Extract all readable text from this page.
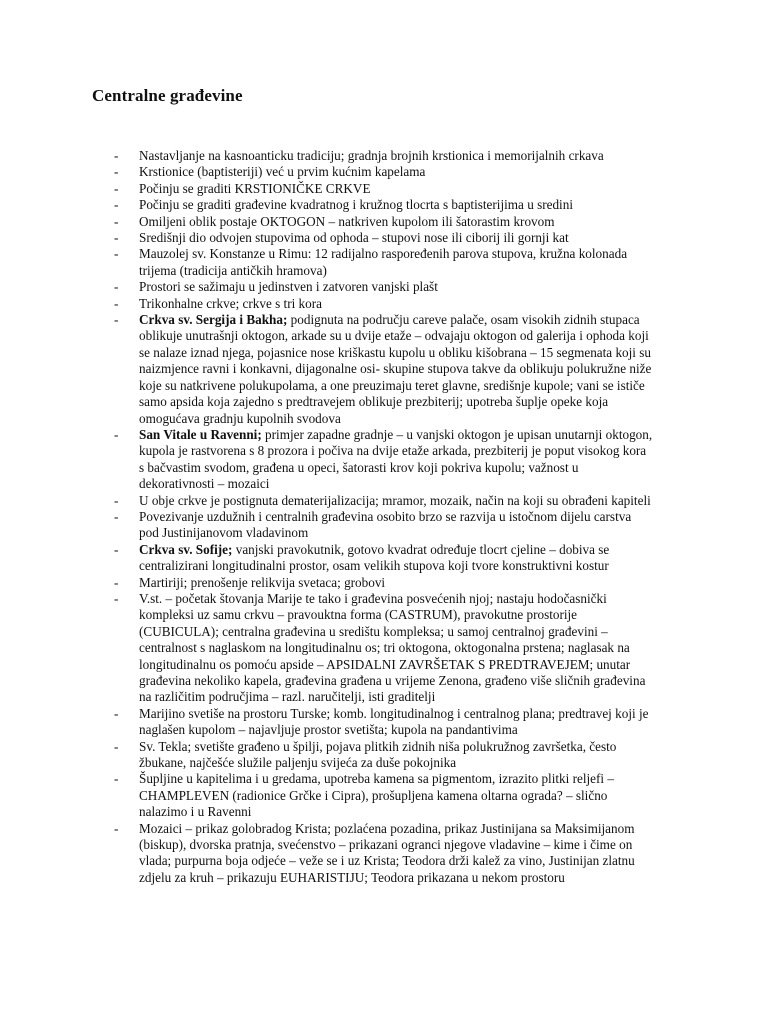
Centralne građevine
- Nastavljanje na kasnoanticku tradiciju; gradnja brojnih krstionica i memorijalnih crkava
- Krstionice (baptisteriji) već u prvim kućnim kapelama
- Počinju se graditi KRSTIONIČKE CRKVE
- Počinju se graditi građevine kvadratnog i kružnog tlocrta s baptisterijima u sredini
- Omiljeni oblik postaje OKTOGON – natkriven kupolom ili šatorastim krovom
- Središnji dio odvojen stupovima od ophoda – stupovi nose ili ciborij ili gornji kat
- Mauzolej sv. Konstanze u Rimu: 12 radijalno raspoređenih parova stupova, kružna kolonada trijema (tradicija antičkih hramova)
- Prostori se sažimaju u jedinstven i zatvoren vanjski plašt
- Trikonhalne crkve; crkve s tri kora
- Crkva sv. Sergija i Bakha; podignuta na području careve palače, osam visokih zidnih stupaca oblikuje unutrašnji oktogon, arkade su u dvije etaže – odvajaju oktogon od galerija i ophoda koji se nalaze iznad njega, pojasnice nose kriškastu kupolu u obliku kišobrana – 15 segmenata koji su naizmjence ravni i konkavni, dijagonalne osi- skupine stupova takve da oblikuju polukružne niže koje su natkrivene polukupolama, a one preuzimaju teret glavne, središnje kupole; vani se ističe samo apsida koja zajedno s predtravejem oblikuje prezbiterij; upotreba šuplje opeke koja omogućava gradnju kupolnih svodova
- San Vitale u Ravenni; primjer zapadne gradnje – u vanjski oktogon je upisan unutarnji oktogon, kupola je rastvorena s 8 prozora i počiva na dvije etaže arkada, prezbiterij je poput visokog kora s bačvastim svodom, građena u opeci, šatorasti krov koji pokriva kupolu; važnost u dekorativnosti – mozaici
- U obje crkve je postignuta dematerijalizacija; mramor, mozaik, način na koji su obrađeni kapiteli
- Povezivanje uzdužnih i centralnih građevina osobito brzo se razvija u istočnom dijelu carstva pod Justinijanovom vladavinom
- Crkva sv. Sofije; vanjski pravokutnik, gotovo kvadrat određuje tlocrt cjeline – dobiva se centralizirani longitudinalni prostor, osam velikih stupova koji tvore konstruktivni kostur
- Martiriji; prenošenje relikvija svetaca; grobovi
- V.st. – početak štovanja Marije te tako i građevina posvećenih njoj; nastaju hodočasnički kompleksi uz samu crkvu – pravouktna forma (CASTRUM), pravokutne prostorije (CUBICULA); centralna građevina u središtu kompleksa; u samoj centralnoj građevini – centralnost s naglaskom na longitudinalnu os; tri oktogona, oktogonalna prstena; naglasak na longitudinalnu os pomoću apside – APSIDALNI ZAVRŠETAK S PREDTRAVEJEM; unutar građevina nekoliko kapela, građevina građena u vrijeme Zenona, građeno više sličnih građevina na različitim područjima – razl. naručitelji, isti graditelji
- Marijino svetiše na prostoru Turske; komb. longitudinalnog i centralnog plana; predtravej koji je naglašen kupolom – najavljuje prostor svetišta; kupola na pandantivima
- Sv. Tekla; svetište građeno u špilji, pojava plitkih zidnih niša polukružnog završetka, često žbukane, najčešće služile paljenju svijeća za duše pokojnika
- Šupljine u kapitelima i u gredama, upotreba kamena sa pigmentom, izrazito plitki reljefi – CHAMPLEVEN (radionice Grčke i Cipra), prošupljena kamena oltarna ograda? – slično nalazimo i u Ravenni
- Mozaici – prikaz golobradog Krista; pozlaćena pozadina, prikaz Justinijana sa Maksimijanom (biskup), dvorska pratnja, svećenstvo – prikazani ogranci njegove vladavine – kime i čime on vlada; purpurna boja odjeće – veže se i uz Krista; Teodora drži kalež za vino, Justinijan zlatnu zdjelu za kruh – prikazuju EUHARISTIJU; Teodora prikazana u nekom prostoru
